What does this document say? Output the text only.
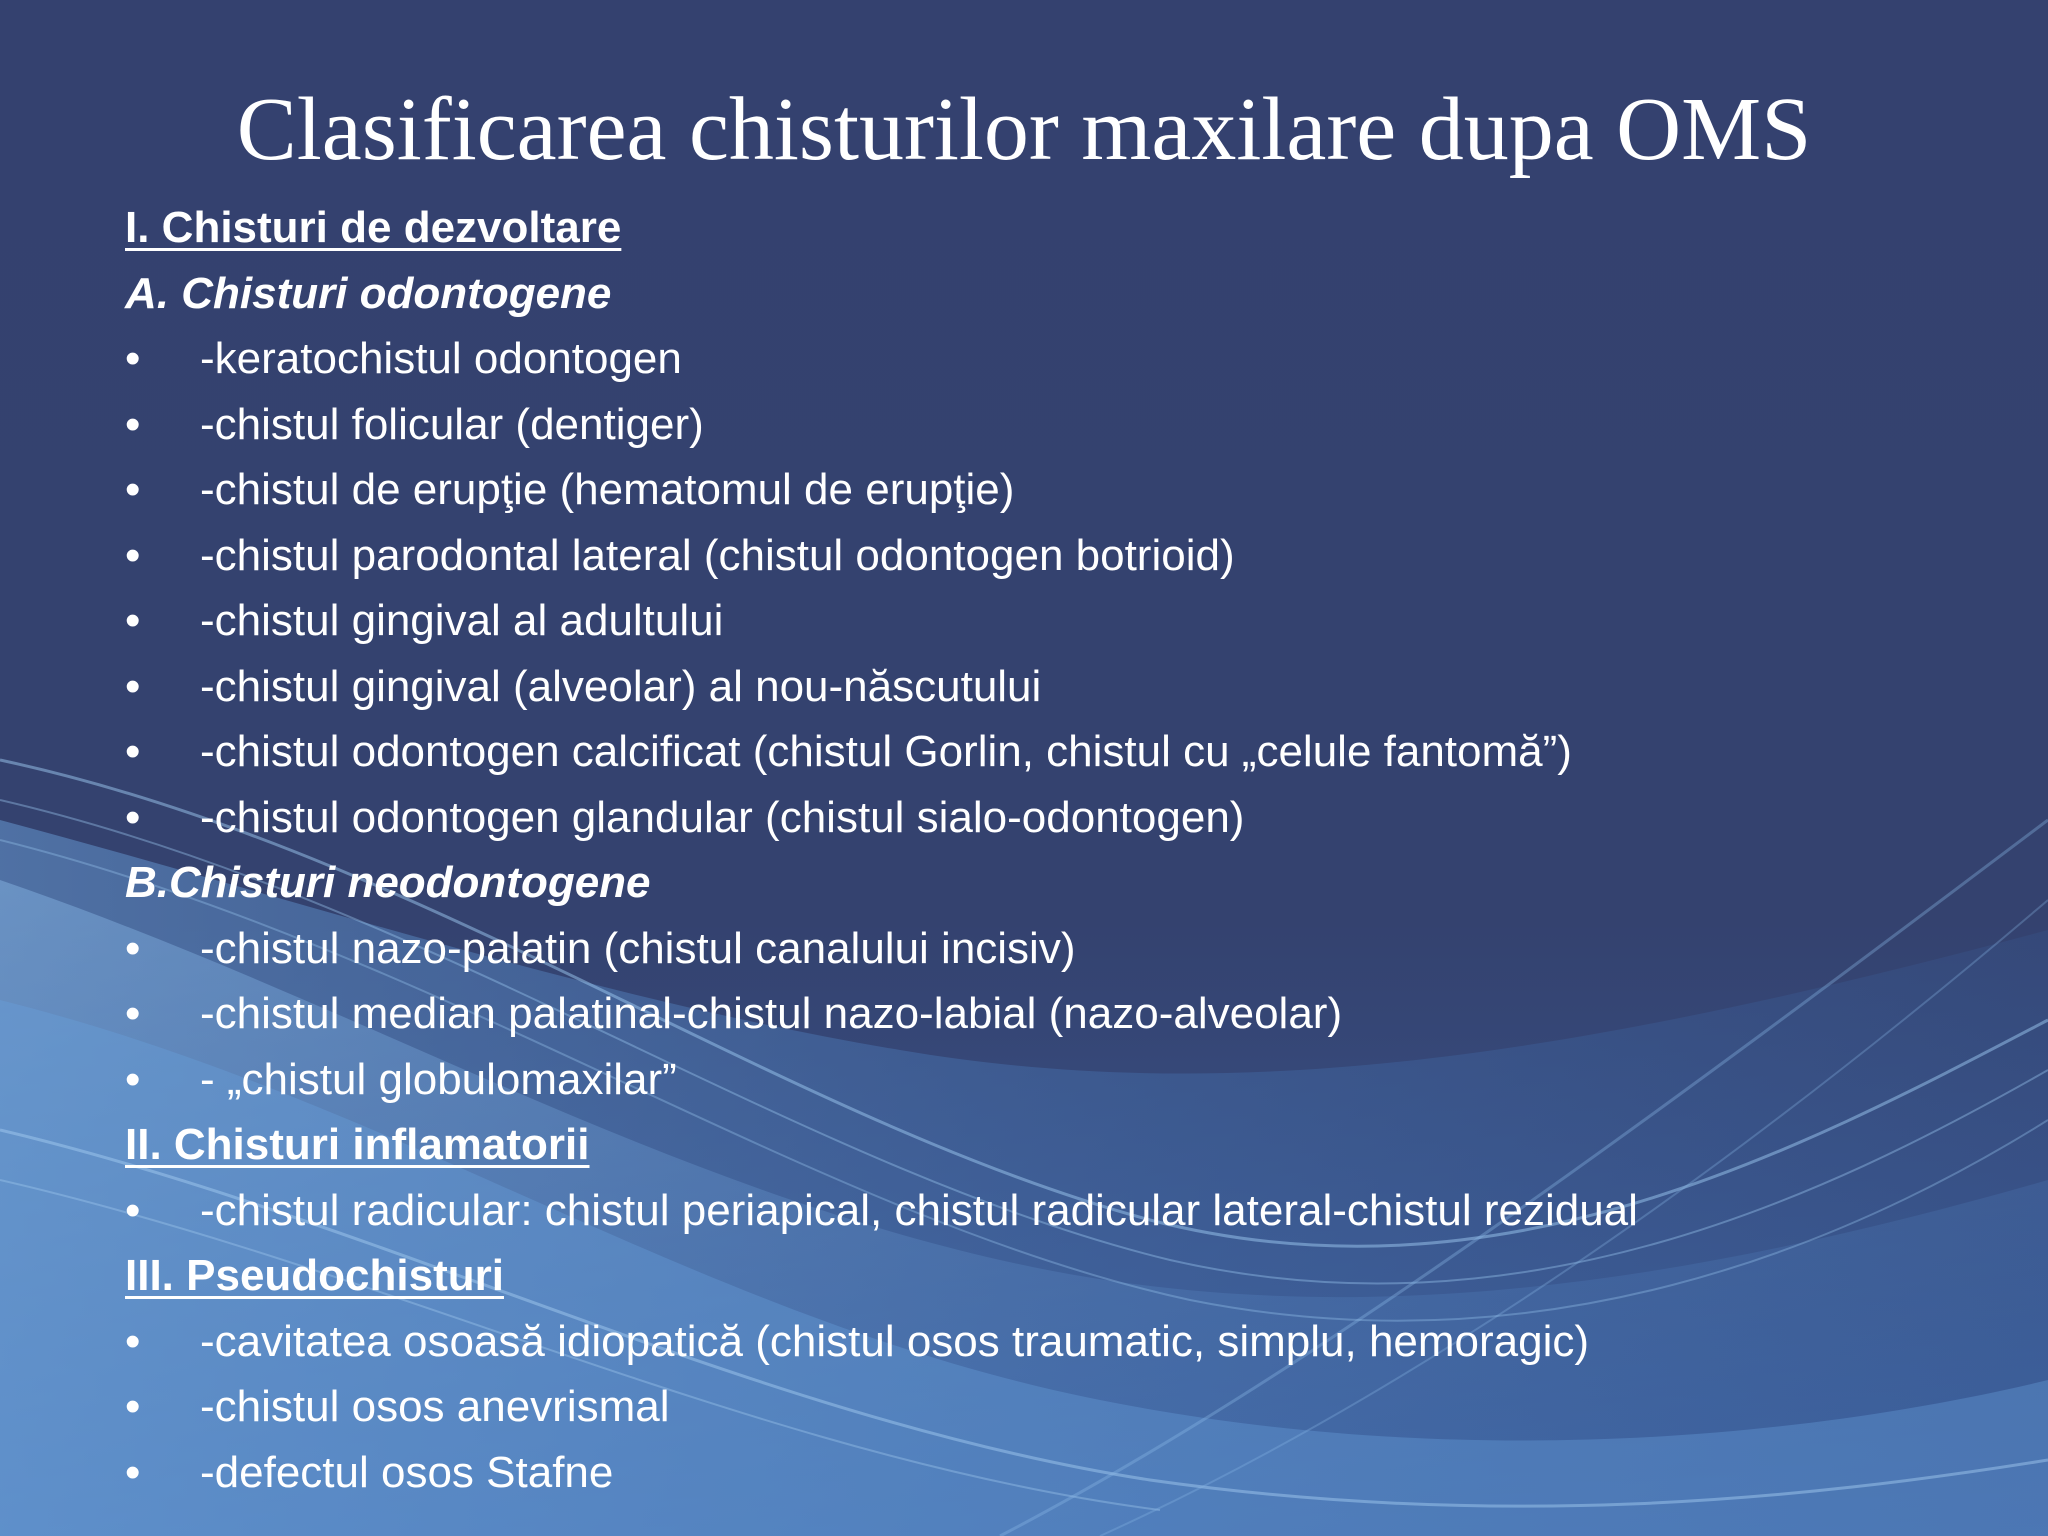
Clasificarea chisturilor maxilare dupa OMS
I. Chisturi de dezvoltare
A. Chisturi odontogene
• -keratochistul odontogen
• -chistul folicular (dentiger)
• -chistul de erupţie (hematomul de erupţie)
• -chistul parodontal lateral (chistul odontogen botrioid)
• -chistul gingival al adultului
• -chistul gingival (alveolar) al nou-născutului
• -chistul odontogen calcificat (chistul Gorlin, chistul cu „celule fantomă”)
• -chistul odontogen glandular (chistul sialo-odontogen)
B.Chisturi neodontogene
• -chistul nazo-palatin (chistul canalului incisiv)
• -chistul median palatinal-chistul nazo-labial (nazo-alveolar)
• - „chistul globulomaxilar”
II. Chisturi inflamatorii
• -chistul radicular: chistul periapical, chistul radicular lateral-chistul rezidual
III. Pseudochisturi
• -cavitatea osoasă idiopatică (chistul osos traumatic, simplu, hemoragic)
• -chistul osos anevrismal
• -defectul osos Stafne
